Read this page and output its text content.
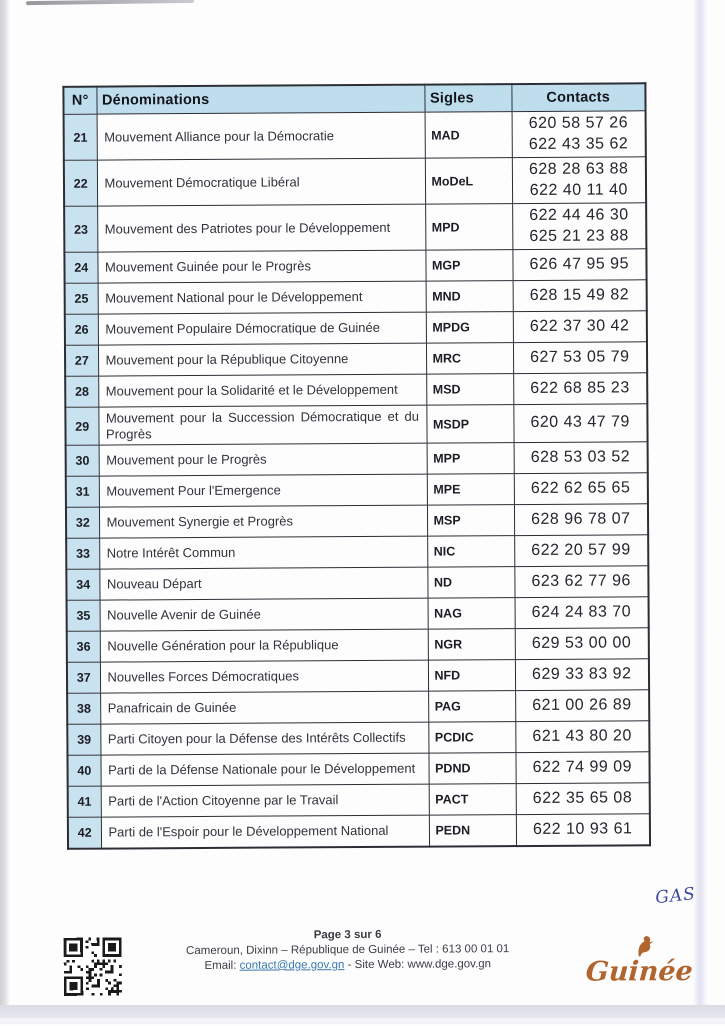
N°	Dénominations	Sigles	Contacts
21	Mouvement Alliance pour la Démocratie	MAD	620 58 57 26
622 43 35 62

22	Mouvement Démocratique Libéral	MoDeL	628 28 63 88
622 40 11 40

23	Mouvement des Patriotes pour le Développement	MPD	622 44 46 30
625 21 23 88

24	Mouvement Guinée pour le Progrès	MGP	626 47 95 95

25	Mouvement National pour le Développement	MND	628 15 49 82

26	Mouvement Populaire Démocratique de Guinée	MPDG	622 37 30 42

27	Mouvement pour la République Citoyenne	MRC	627 53 05 79

28	Mouvement pour la Solidarité et le Développement	MSD	622 68 85 23

29	Mouvement pour la Succession Démocratique et du Progrès	MSDP	620 43 47 79

30	Mouvement pour le Progrès	MPP	628 53 03 52

31	Mouvement Pour l'Emergence	MPE	622 62 65 65

32	Mouvement Synergie et Progrès	MSP	628 96 78 07

33	Notre Intérêt Commun	NIC	622 20 57 99

34	Nouveau Départ	ND	623 62 77 96

35	Nouvelle Avenir de Guinée	NAG	624 24 83 70

36	Nouvelle Génération pour la République	NGR	629 53 00 00

37	Nouvelles Forces Démocratiques	NFD	629 33 83 92

38	Panafricain de Guinée	PAG	621 00 26 89

39	Parti Citoyen pour la Défense des Intérêts Collectifs	PCDIC	621 43 80 20

40	Parti de la Défense Nationale pour le Développement	PDND	622 74 99 09

41	Parti de l'Action Citoyenne par le Travail	PACT	622 35 65 08

42	Parti de l'Espoir pour le Développement National	PEDN	622 10 93 61
GAS
Page 3 sur 6
Cameroun, Dixinn – République de Guinée – Tel : 613 00 01 01
Email: contact@dge.gov.gn - Site Web: www.dge.gov.gn	Guinée
